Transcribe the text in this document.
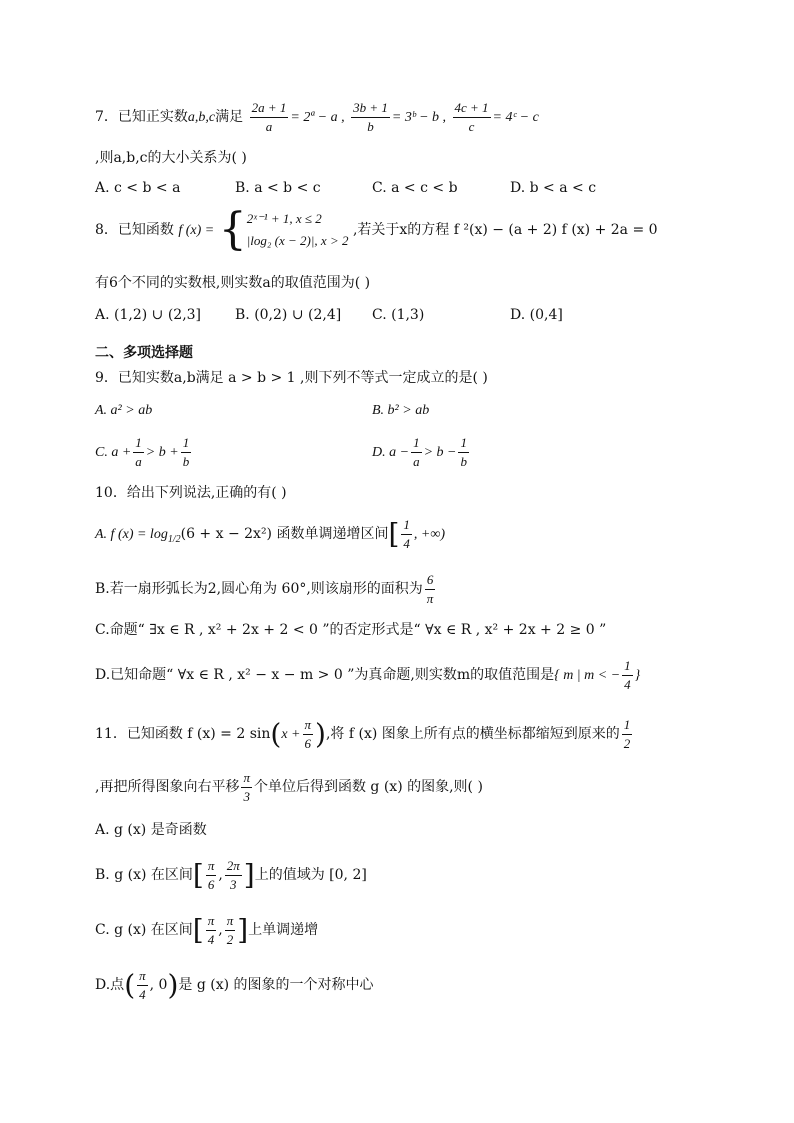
7．已知正实数a,b,c满足 $\frac{2a + 1}{a}$ = 2ª − a , $\frac{3b + 1}{b}$ = 3ᵇ − b , $\frac{4c + 1}{c}$ = 4ᶜ − c
,则a,b,c的大小关系为( )
A. c < b < a	B. a < b < c	C. a < c < b	D. b < a < c
8．已知函数 f (x) = { 2ˣ⁻¹ + 1, x ≤ 2
|log₂ (x − 2)|, x > 2
,若关于x的方程 f ²(x) − (a + 2) f (x) + 2a = 0
有6个不同的实数根,则实数a的取值范围为( )
A. (1,2) ∪ (2,3] B. (0,2) ∪ (2,4] C. (1,3)	D. (0,4]
二、多项选择题
9．已知实数a,b满足 a > b > 1 ,则下列不等式一定成立的是( )
A. a² > ab	B. b² > ab
C. $a + \frac{1}{a} > b + \frac{1}{b}$	D. $a - \frac{1}{a} > b - \frac{1}{b}$
10．给出下列说法,正确的有( )
A. f $(x) = \log_{1/2}(6 + x - 2x^2)$ 函数单调递增区间[ $\frac{1}{4}$ , +∞)
B.若一扇形弧长为2,圆心角为 60°,则该扇形的面积为 $\frac{6}{\pi}$
C.命题“ ∃x ∈ R , x² + 2x + 2 < 0 ”的否定形式是“ ∀x ∈ R , x² + 2x + 2 ≥ 0 ”
D.已知命题“ ∀x ∈ R , x² − x − m > 0 ”为真命题,则实数m的取值范围是{ m | m < − $\frac{1}{4}$ }
11．已知函数 f (x) = 2 $\sin(x + \frac{\pi}{6}$ ),将 f (x) 图象上所有点的横坐标都缩短到原来的 $\frac{1}{2}$
,再把所得图象向右平移 $\frac{\pi}{3}$ 个单位后得到函数 g (x) 的图象,则( )
A. g (x) 是奇函数
B. g (x) 在区间[ $\frac{\pi}{6}$ , $\frac{2\pi}{3}$ ]上的值域为 [0, 2]
C. g (x) 在区间[ $\frac{\pi}{4}$ , $\frac{\pi}{2}$ ]上单调递增
D.点( $\frac{\pi}{4}$ , 0)是 g (x) 的图象的一个对称中心
